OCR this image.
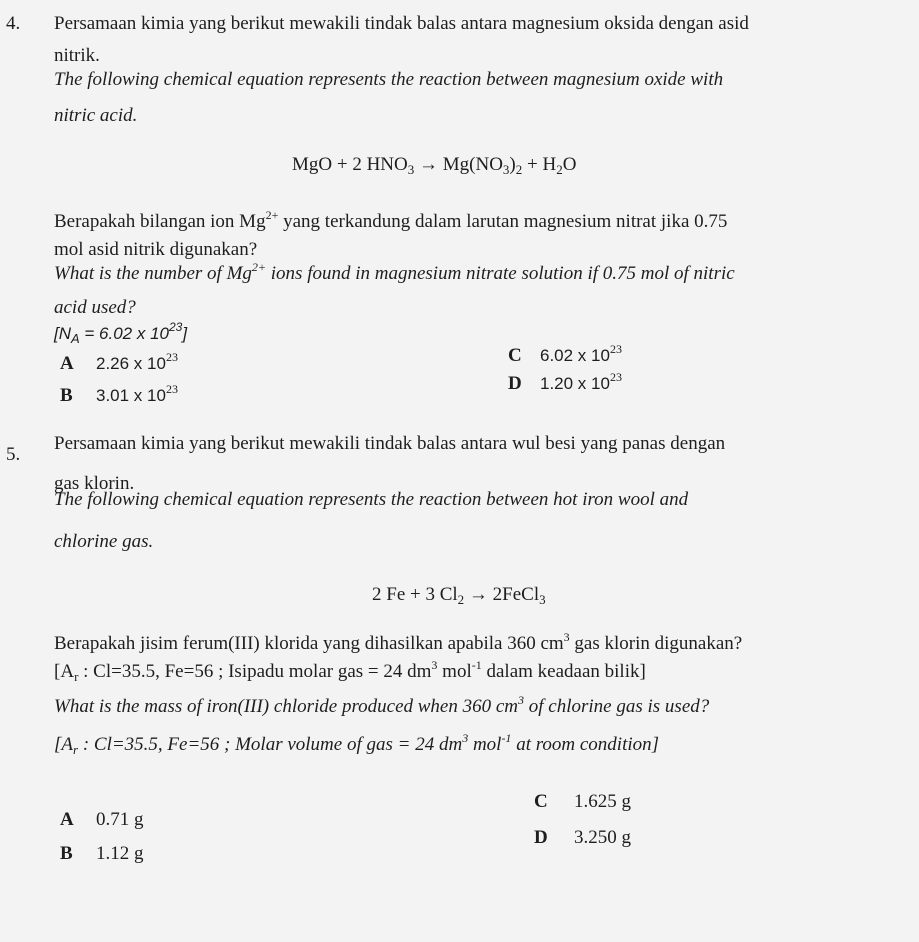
4. Persamaan kimia yang berikut mewakili tindak balas antara magnesium oksida dengan asid
nitrik.
The following chemical equation represents the reaction between magnesium oxide with
nitric acid.
MgO + 2 $HNO_3 \to Mg(NO_3)_2 + H_2O$
Berapakah bilangan ion $Mg^{2+}$ yang terkandung dalam larutan magnesium nitrat jika 0.75
mol asid nitrik digunakan?
What is the number of $Mg^{2+}$ ions found in magnesium nitrate solution if 0.75 mol of nitric
acid used?
[$N_A = 6.02$ x $10^{23}$]
A 2.26 x $10^{23}$
B 3.01 x $10^{23}$
C 6.02 x $10^{23}$
D 1.20 x $10^{23}$
5.
Persamaan kimia yang berikut mewakili tindak balas antara wul besi yang panas dengan
gas klorin.
The following chemical equation represents the reaction between hot iron wool and
chlorine gas.
2 Fe + 3 $Cl_2$ → 2FeCl$_3$
Berapakah jisim ferum(III) klorida yang dihasilkan apabila 360 $cm^3$ gas klorin digunakan?
[$A_r$ : Cl=35.5, Fe=56 ; Isipadu molar gas = 24 $dm^3$ mol$^{-1}$ dalam keadaan bilik]
What is the mass of iron(III) chloride produced when 360 $cm^3$ of chlorine gas is used?
[$A_r$ : Cl=35.5, Fe=56 ; Molar volume of gas = 24 $dm^3$ mol$^{-1}$ at room condition]
A 0.71 g
B 1.12 g
C 1.625 g
D 3.250 g
